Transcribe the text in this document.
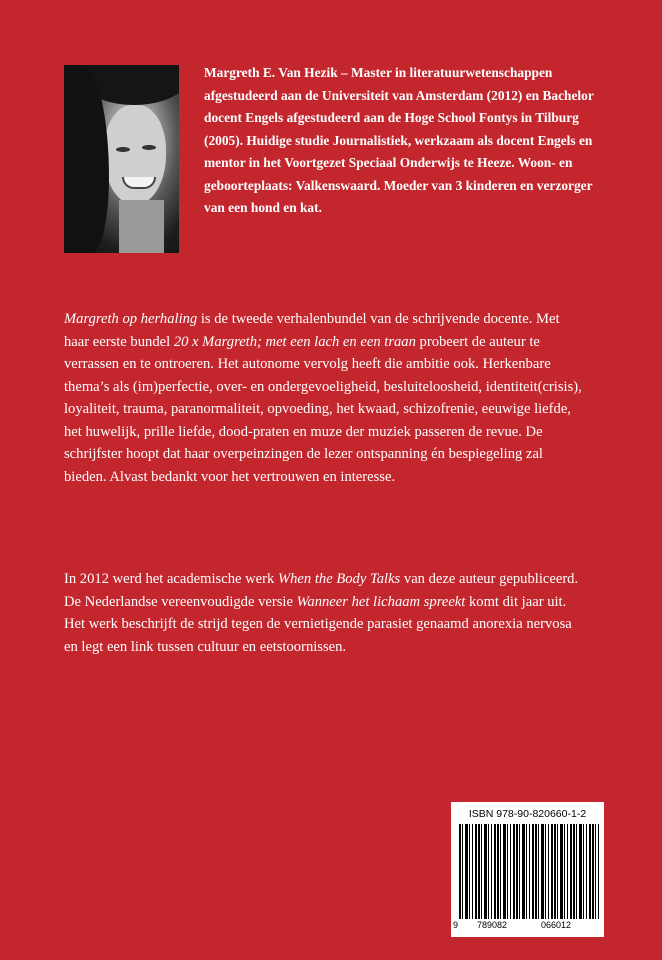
Margreth E. Van Hezik – Master in literatuurwetenschappen afgestudeerd aan de Universiteit van Amsterdam (2012) en Bachelor docent Engels afgestudeerd aan de Hoge School Fontys in Tilburg (2005). Huidige studie Journalistiek, werkzaam als docent Engels en mentor in het Voortgezet Speciaal Onderwijs te Heeze. Woon- en geboorteplaats: Valkenswaard. Moeder van 3 kinderen en verzorger van een hond en kat.

Margreth op herhaling is de tweede verhalenbundel van de schrijvende docente. Met haar eerste bundel 20 x Margreth; met een lach en een traan probeert de auteur te verrassen en te ontroeren. Het autonome vervolg heeft die ambitie ook. Herkenbare thema’s als (im)perfectie, over- en ondergevoeligheid, besluiteloosheid, identiteit(crisis), loyaliteit, trauma, paranormaliteit, opvoeding, het kwaad, schizofrenie, eeuwige liefde, het huwelijk, prille liefde, dood-praten en muze der muziek passeren de revue. De schrijfster hoopt dat haar overpeinzingen de lezer ontspanning én bespiegeling zal bieden. Alvast bedankt voor het vertrouwen en interesse.

In 2012 werd het academische werk When the Body Talks van deze auteur gepubliceerd. De Nederlandse vereenvoudigde versie Wanneer het lichaam spreekt komt dit jaar uit. Het werk beschrijft de strijd tegen de vernietigende parasiet genaamd anorexia nervosa en legt een link tussen cultuur en eetstoornissen.

ISBN 978-90-820660-1-2
9 789082	066012
